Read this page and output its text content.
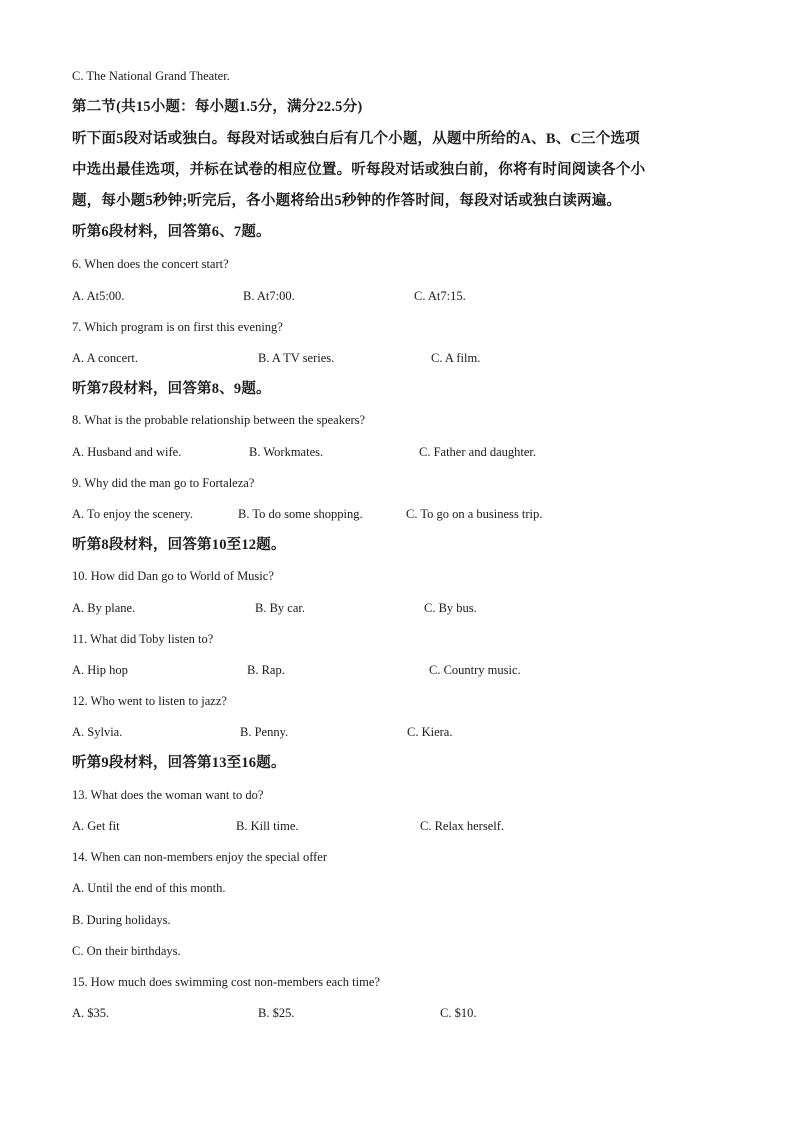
C. The National Grand Theater.
第二节(共15小题：每小题1.5分，满分22.5分)
听下面5段对话或独白。每段对话或独白后有几个小题，从题中所给的A、B、C三个选项
中选出最佳选项，并标在试卷的相应位置。听每段对话或独白前，你将有时间阅读各个小
题，每小题5秒钟;听完后，各小题将给出5秒钟的作答时间，每段对话或独白读两遍。
听第6段材料，回答第6、7题。
6. When does the concert start?
A. At5:00.	B. At7:00.	C. At7:15.
7. Which program is on first this evening?
A. A concert.	B. A TV series.	C. A film.
听第7段材料，回答第8、9题。
8. What is the probable relationship between the speakers?
A. Husband and wife.	B. Workmates.	C. Father and daughter.
9. Why did the man go to Fortaleza?
A. To enjoy the scenery.	B. To do some shopping.	C. To go on a business trip.
听第8段材料，回答第10至12题。
10. How did Dan go to World of Music?
A. By plane.	B. By car.	C. By bus.
11. What did Toby listen to?
A. Hip hop	B. Rap.	C. Country music.
12. Who went to listen to jazz?
A. Sylvia.	B. Penny.	C. Kiera.
听第9段材料，回答第13至16题。
13. What does the woman want to do?
A. Get fit	B. Kill time.	C. Relax herself.
14. When can non-members enjoy the special offer
A. Until the end of this month.
B. During holidays.
C. On their birthdays.
15. How much does swimming cost non-members each time?
A. $35.	B. $25.	C. $10.
